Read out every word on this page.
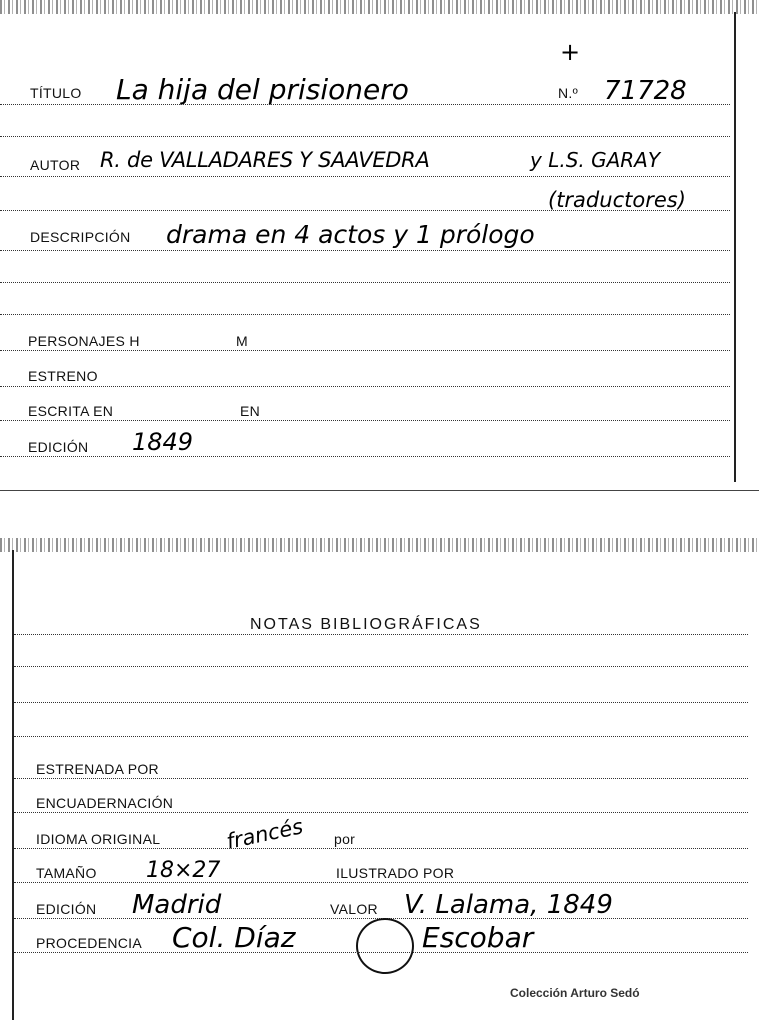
+
TÍTULO La hija del prisionero	N.º 71728
AUTOR R. de VALLADARES Y SAAVEDRA	y L.S. GARAY
(traductores)
DESCRIPCIÓN drama en 4 actos y 1 prólogo
PERSONAJES H	M
ESTRENO
ESCRITA EN	EN
EDICIÓN 1849
NOTAS BIBLIOGRÁFICAS
ESTRENADA POR
ENCUADERNACIÓN
IDIOMA ORIGINAL	francés por
TAMAÑO 18×27	ILUSTRADO POR
EDICIÓN Madrid	VALOR V. Lalama, 1849
PROCEDENCIA Col. Díaz	Escobar
Colección Arturo Sedó
